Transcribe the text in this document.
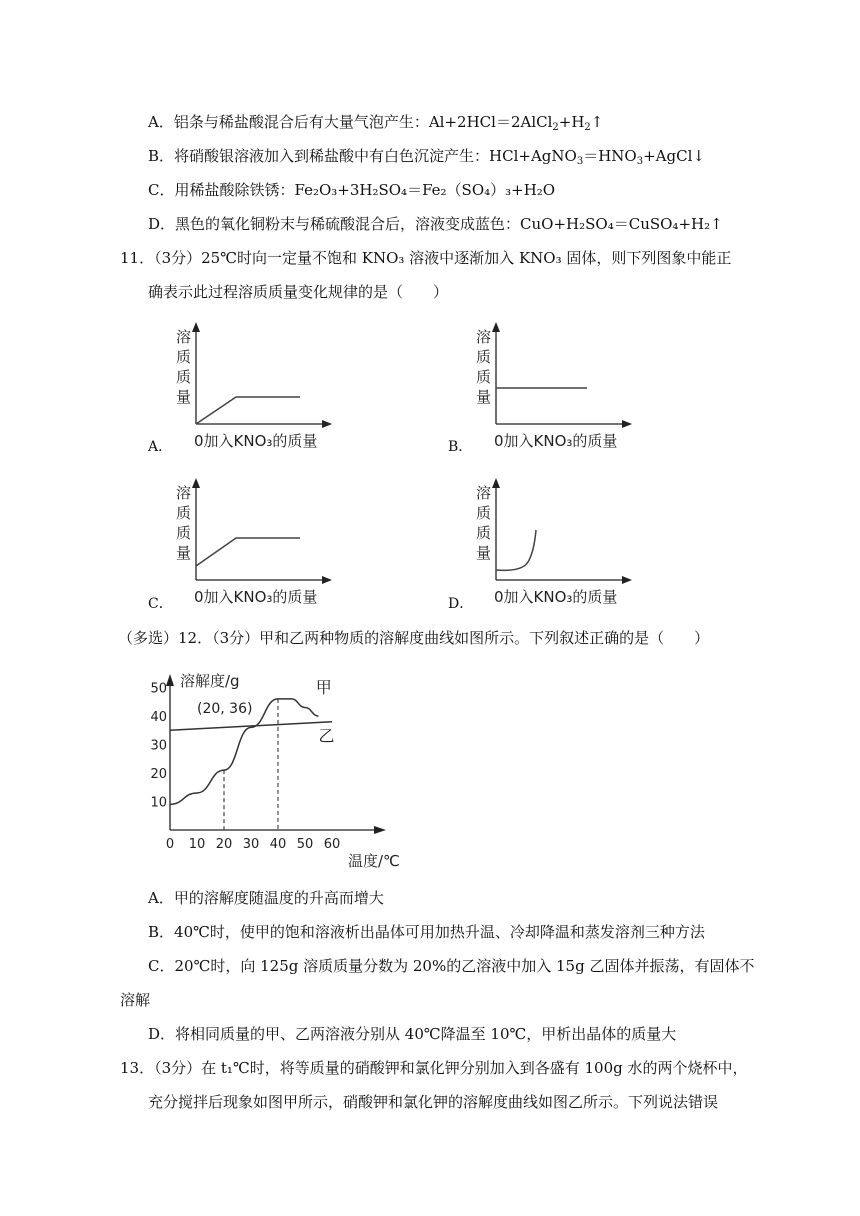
A．铝条与稀盐酸混合后有大量气泡产生：$Al+2HCl=2AlCl_2+H_2↑$
B．将硝酸银溶液加入到稀盐酸中有白色沉淀产生：$HCl+AgNO_3=HNO_3+AgCl↓$
C．用稀盐酸除铁锈：Fe₂O₃+3H₂SO₄＝Fe₂（SO₄）₃+H₂O
D．黑色的氧化铜粉末与稀硫酸混合后，溶液变成蓝色：CuO+H₂SO₄＝CuSO₄+H₂↑
11．（3分）25℃时向一定量不饱和 KNO₃ 溶液中逐渐加入 KNO₃ 固体，则下列图象中能正
确表示此过程溶质质量变化规律的是（　　）
溶
质
质
量
0加入KNO₃的质量
溶
质
质
量
0加入KNO₃的质量
溶
质
质
量
0加入KNO₃的质量
溶
质
质
量
0加入KNO₃的质量
A．	B．
C．	D．
（多选）12．（3分）甲和乙两种物质的溶解度曲线如图所示。下列叙述正确的是（　　）
溶解度/g
温度/℃
0 10 20 30 40 50 60
10
20
30
40
50	甲
乙
(20, 36)
A．甲的溶解度随温度的升高而增大
B．40℃时，使甲的饱和溶液析出晶体可用加热升温、冷却降温和蒸发溶剂三种方法
C．20℃时，向 125g 溶质质量分数为 20%的乙溶液中加入 15g 乙固体并振荡，有固体不
溶解
D．将相同质量的甲、乙两溶液分别从 40℃降温至 10℃，甲析出晶体的质量大
13．（3分）在 t₁℃时，将等质量的硝酸钾和氯化钾分别加入到各盛有 100g 水的两个烧杯中，
充分搅拌后现象如图甲所示，硝酸钾和氯化钾的溶解度曲线如图乙所示。下列说法错误
